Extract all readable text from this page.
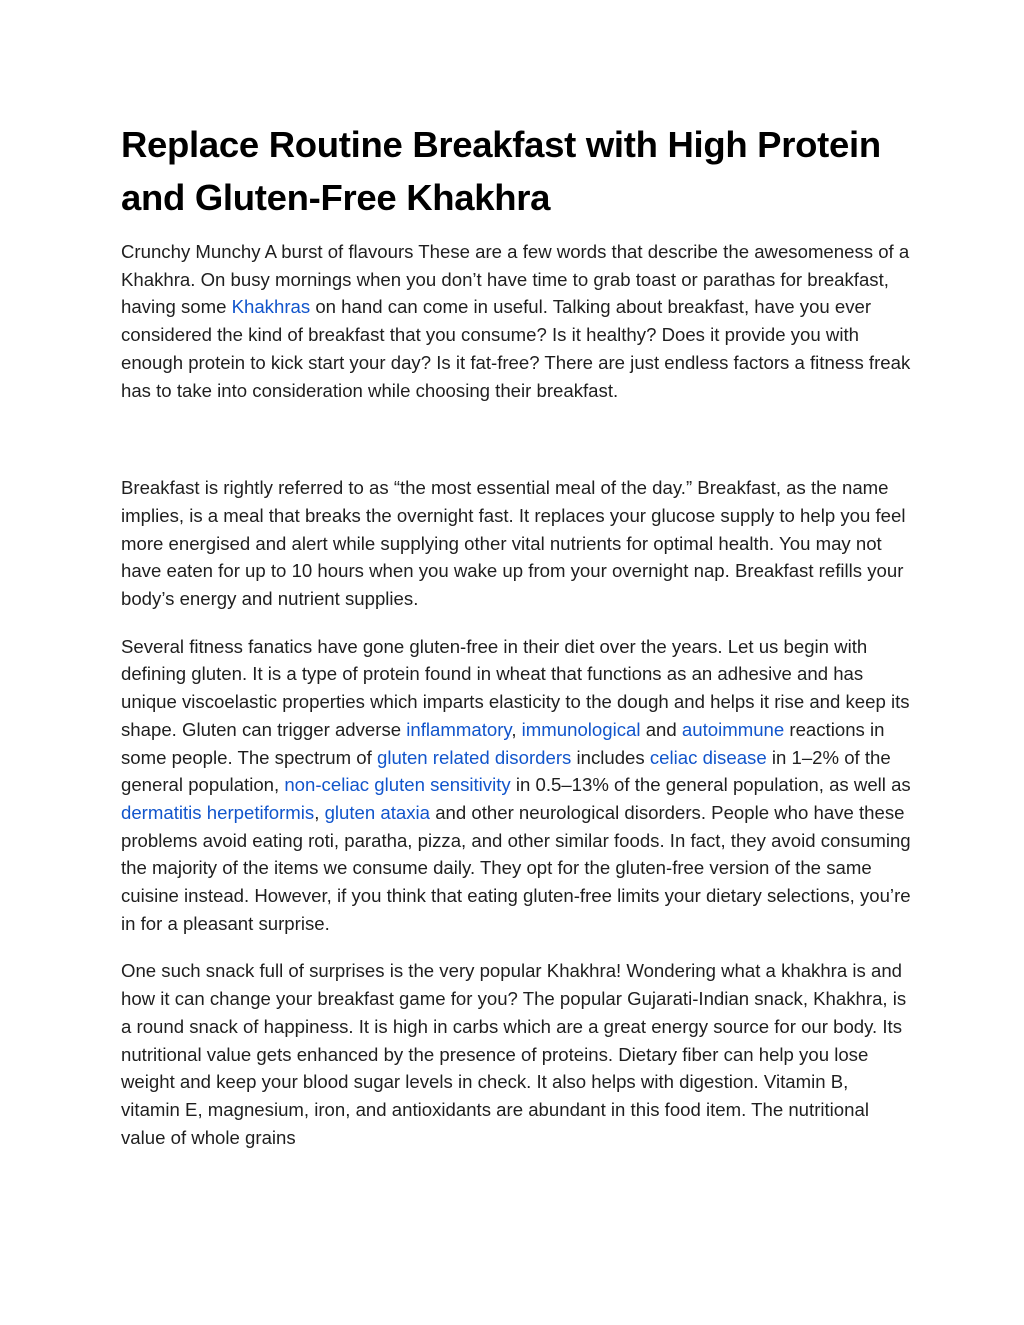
Replace Routine Breakfast with High Protein
and Gluten-Free Khakhra

Crunchy Munchy A burst of flavours These are a few words that describe the awesomeness of a Khakhra. On busy mornings when you don’t have time to grab toast or parathas for breakfast, having some Khakhras on hand can come in useful. Talking about breakfast, have you ever considered the kind of breakfast that you consume? Is it healthy? Does it provide you with enough protein to kick start your day? Is it fat-free? There are just endless factors a fitness freak has to take into consideration while choosing their breakfast.

Breakfast is rightly referred to as “the most essential meal of the day.” Breakfast, as the name implies, is a meal that breaks the overnight fast. It replaces your glucose supply to help you feel more energised and alert while supplying other vital nutrients for optimal health. You may not have eaten for up to 10 hours when you wake up from your overnight nap. Breakfast refills your body’s energy and nutrient supplies.

Several fitness fanatics have gone gluten-free in their diet over the years. Let us begin with defining gluten. It is a type of protein found in wheat that functions as an adhesive and has unique viscoelastic properties which imparts elasticity to the dough and helps it rise and keep its shape. Gluten can trigger adverse inflammatory, immunological and autoimmune reactions in some people. The spectrum of gluten related disorders includes celiac disease in 1–2% of the general population, non-celiac gluten sensitivity in 0.5–13% of the general population, as well as dermatitis herpetiformis, gluten ataxia and other neurological disorders. People who have these problems avoid eating roti, paratha, pizza, and other similar foods. In fact, they avoid consuming the majority of the items we consume daily. They opt for the gluten-free version of the same cuisine instead. However, if you think that eating gluten-free limits your dietary selections, you’re in for a pleasant surprise.

One such snack full of surprises is the very popular Khakhra! Wondering what a khakhra is and how it can change your breakfast game for you? The popular Gujarati-Indian snack, Khakhra, is a round snack of happiness. It is high in carbs which are a great energy source for our body. Its nutritional value gets enhanced by the presence of proteins. Dietary fiber can help you lose weight and keep your blood sugar levels in check. It also helps with digestion. Vitamin B, vitamin E, magnesium, iron, and antioxidants are abundant in this food item. The nutritional value of whole grains
